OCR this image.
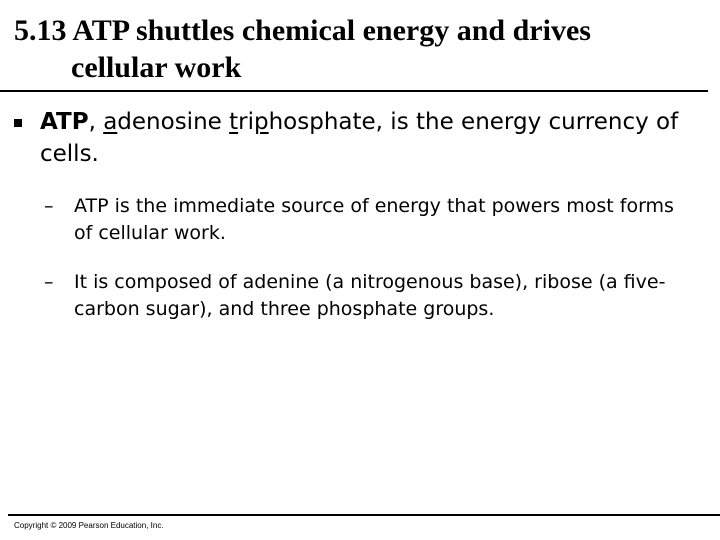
5.13 ATP shuttles chemical energy and drives
cellular work
ATP, adenosine triphosphate, is the energy currency of cells.
–	ATP is the immediate source of energy that powers most forms of cellular work.
–	It is composed of adenine (a nitrogenous base), ribose (a five-carbon sugar), and three phosphate groups.
Copyright © 2009 Pearson Education, Inc.
